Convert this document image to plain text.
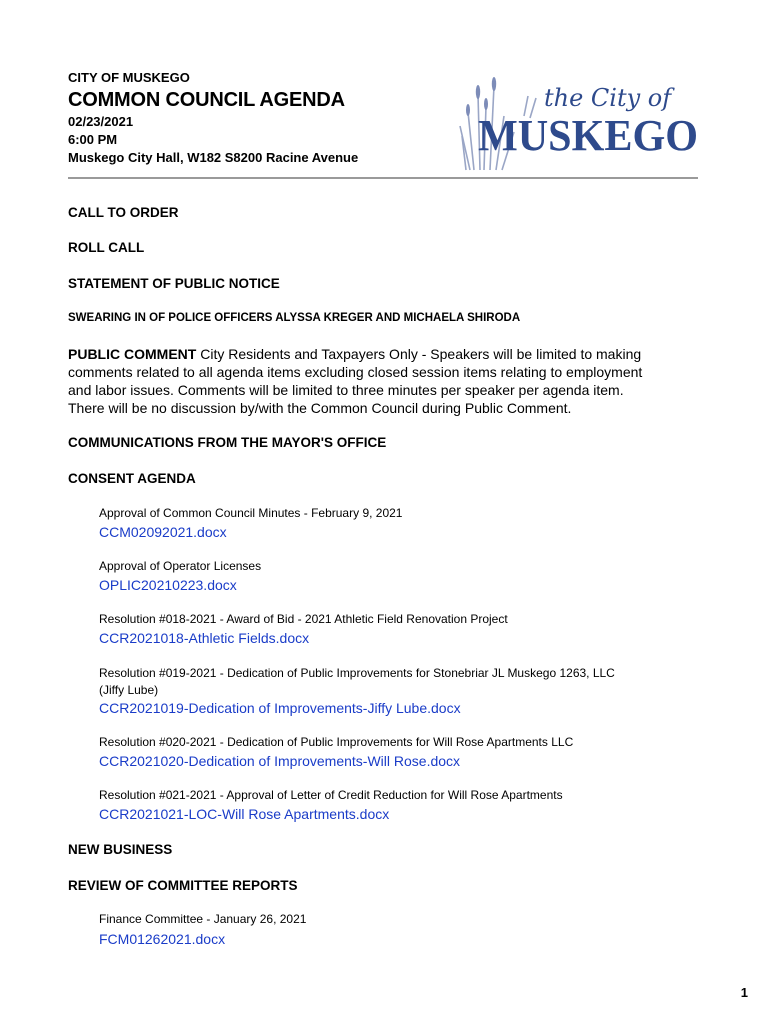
CITY OF MUSKEGO
COMMON COUNCIL AGENDA
02/23/2021
6:00 PM
Muskego City Hall, W182 S8200 Racine Avenue
the City of
MUSKEGO
CALL TO ORDER
ROLL CALL
STATEMENT OF PUBLIC NOTICE
SWEARING IN OF POLICE OFFICERS ALYSSA KREGER AND MICHAELA SHIRODA
PUBLIC COMMENT City Residents and Taxpayers Only - Speakers will be limited to making
comments related to all agenda items excluding closed session items relating to employment
and labor issues. Comments will be limited to three minutes per speaker per agenda item.
There will be no discussion by/with the Common Council during Public Comment.
COMMUNICATIONS FROM THE MAYOR'S OFFICE
CONSENT AGENDA
Approval of Common Council Minutes - February 9, 2021
CCM02092021.docx
Approval of Operator Licenses
OPLIC20210223.docx
Resolution #018-2021 - Award of Bid - 2021 Athletic Field Renovation Project
CCR2021018-Athletic Fields.docx
Resolution #019-2021 - Dedication of Public Improvements for Stonebriar JL Muskego 1263, LLC
(Jiffy Lube)
CCR2021019-Dedication of Improvements-Jiffy Lube.docx
Resolution #020-2021 - Dedication of Public Improvements for Will Rose Apartments LLC
CCR2021020-Dedication of Improvements-Will Rose.docx
Resolution #021-2021 - Approval of Letter of Credit Reduction for Will Rose Apartments
CCR2021021-LOC-Will Rose Apartments.docx
NEW BUSINESS
REVIEW OF COMMITTEE REPORTS
Finance Committee - January 26, 2021
FCM01262021.docx
1
